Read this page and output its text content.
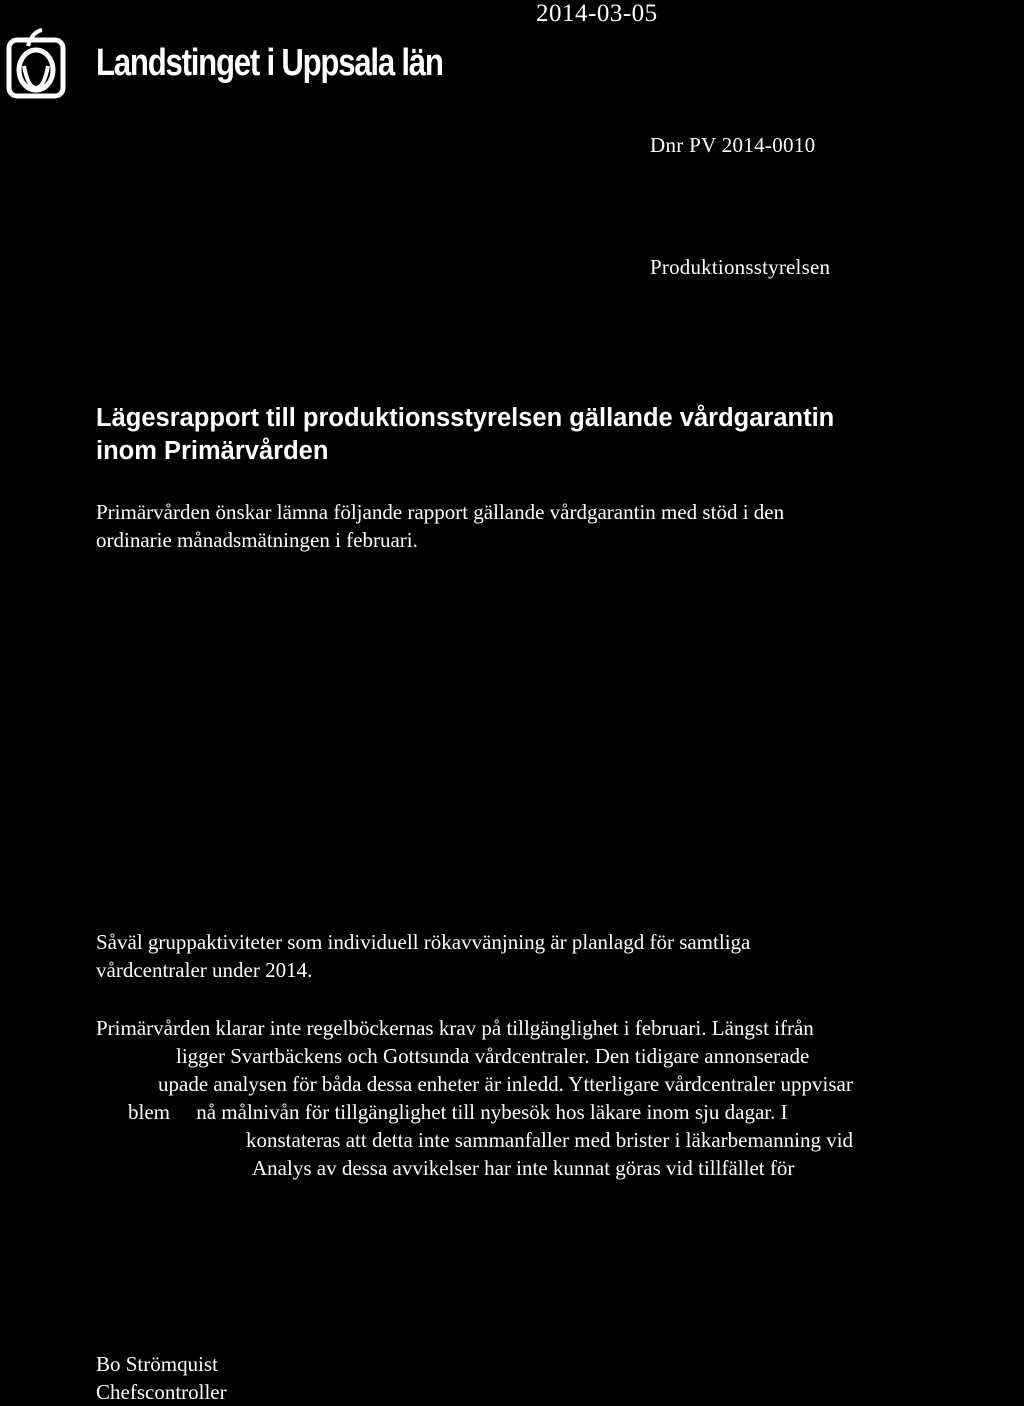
Landstinget i Uppsala län
2014-03-05
Dnr PV 2014-0010
Produktionsstyrelsen
Lägesrapport till produktionsstyrelsen gällande vårdgarantin
inom Primärvården
Primärvården önskar lämna följande rapport gällande vårdgarantin med stöd i den
ordinarie månadsmätningen i februari.
Såväl gruppaktiviteter som individuell rökavvänjning är planlagd för samtliga
vårdcentraler under 2014.
Primärvården klarar inte regelböckernas krav på tillgänglighet i februari. Längst ifrån
ligger Svartbäckens och Gottsunda vårdcentraler. Den tidigare annonserade
upade analysen för båda dessa enheter är inledd. Ytterligare vårdcentraler uppvisar
blem     nå målnivån för tillgänglighet till nybesök hos läkare inom sju dagar. I
konstateras att detta inte sammanfaller med brister i läkarbemanning vid
Analys av dessa avvikelser har inte kunnat göras vid tillfället för
Bo Strömquist
Chefscontroller
